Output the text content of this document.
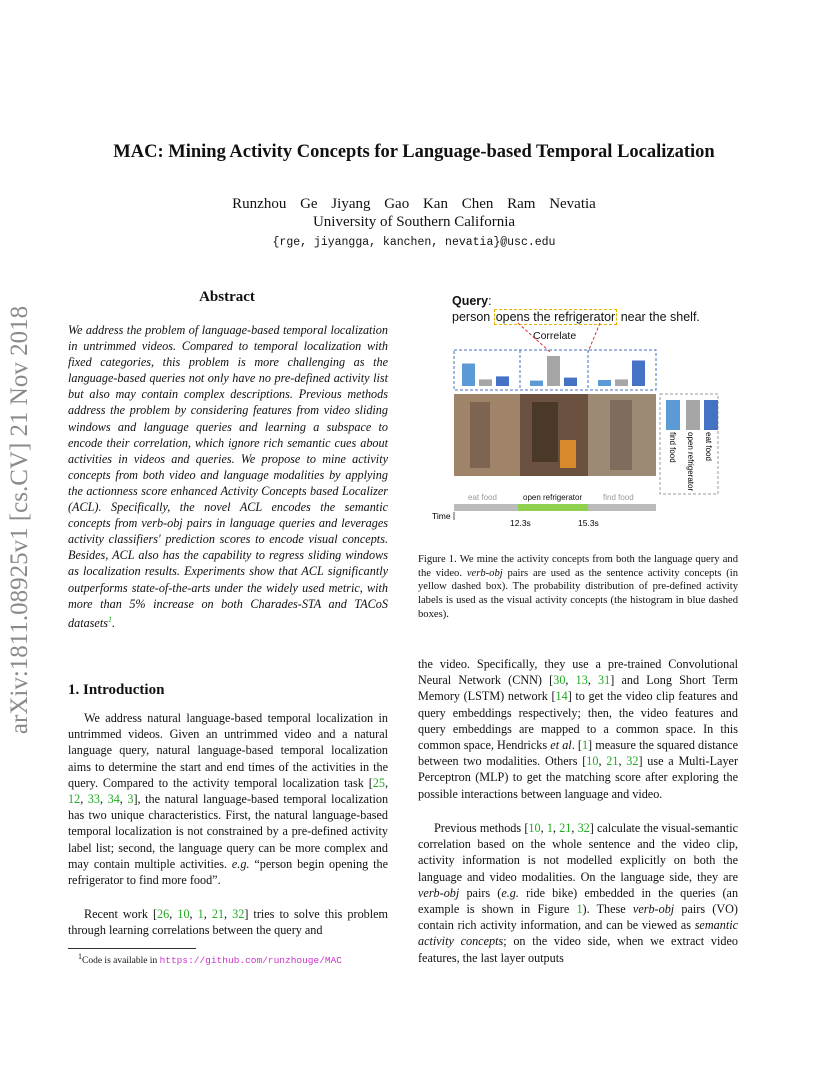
arXiv:1811.08925v1 [cs.CV] 21 Nov 2018
MAC: Mining Activity Concepts for Language-based Temporal Localization
Runzhou Ge Jiyang Gao Kan Chen Ram Nevatia
University of Southern California
{rge, jiyangga, kanchen, nevatia}@usc.edu
Abstract
We address the problem of language-based temporal localization in untrimmed videos. Compared to temporal localization with fixed categories, this problem is more challenging as the language-based queries not only have no pre-defined activity list but also may contain complex descriptions. Previous methods address the problem by considering features from video sliding windows and language queries and learning a subspace to encode their correlation, which ignore rich semantic cues about activities in videos and queries. We propose to mine activity concepts from both video and language modalities by applying the actionness score enhanced Activity Concepts based Localizer (ACL). Specifically, the novel ACL encodes the semantic concepts from verb-obj pairs in language queries and leverages activity classifiers' prediction scores to encode visual concepts. Besides, ACL also has the capability to regress sliding windows as localization results. Experiments show that ACL significantly outperforms state-of-the-arts under the widely used metric, with more than 5% increase on both Charades-STA and TACoS datasets$^1$.
1. Introduction
We address natural language-based temporal localization in untrimmed videos. Given an untrimmed video and a natural language query, natural language-based temporal localization aims to determine the start and end times of the activities in the query. Compared to the activity temporal localization task [25, 12, 33, 34, 3], the natural language-based temporal localization has two unique characteristics. First, the natural language-based temporal localization is not constrained by a pre-defined activity label list; second, the language query can be more complex and may contain multiple activities. e.g. “person begin opening the refrigerator to find more food”.
Recent work [26, 10, 1, 21, 32] tries to solve this problem through learning correlations between the query and
$^1$Code is available in https://github.com/runzhouge/MAC
Query:
person opens the refrigerator near the shelf.
Correlate
find food open refrigerator eat food
eat food	open refrigerator	find food
Time
12.3s	15.3s
Figure 1. We mine the activity concepts from both the language query and the video. verb-obj pairs are used as the sentence activity concepts (in yellow dashed box). The probability distribution of pre-defined activity labels is used as the visual activity concepts (the histogram in blue dashed boxes).
the video. Specifically, they use a pre-trained Convolutional Neural Network (CNN) [30, 13, 31] and Long Short Term Memory (LSTM) network [14] to get the video clip features and query embeddings respectively; then, the video features and query embeddings are mapped to a common space. In this common space, Hendricks et al. [1] measure the squared distance between two modalities. Others [10, 21, 32] use a Multi-Layer Perceptron (MLP) to get the matching score after exploring the possible interactions between language and video.
Previous methods [10, 1, 21, 32] calculate the visual-semantic correlation based on the whole sentence and the video clip, activity information is not modelled explicitly on both the language and video modalities. On the language side, they are verb-obj pairs (e.g. ride bike) embedded in the queries (an example is shown in Figure 1). These verb-obj pairs (VO) contain rich activity information, and can be viewed as semantic activity concepts; on the video side, when we extract video features, the last layer outputs
